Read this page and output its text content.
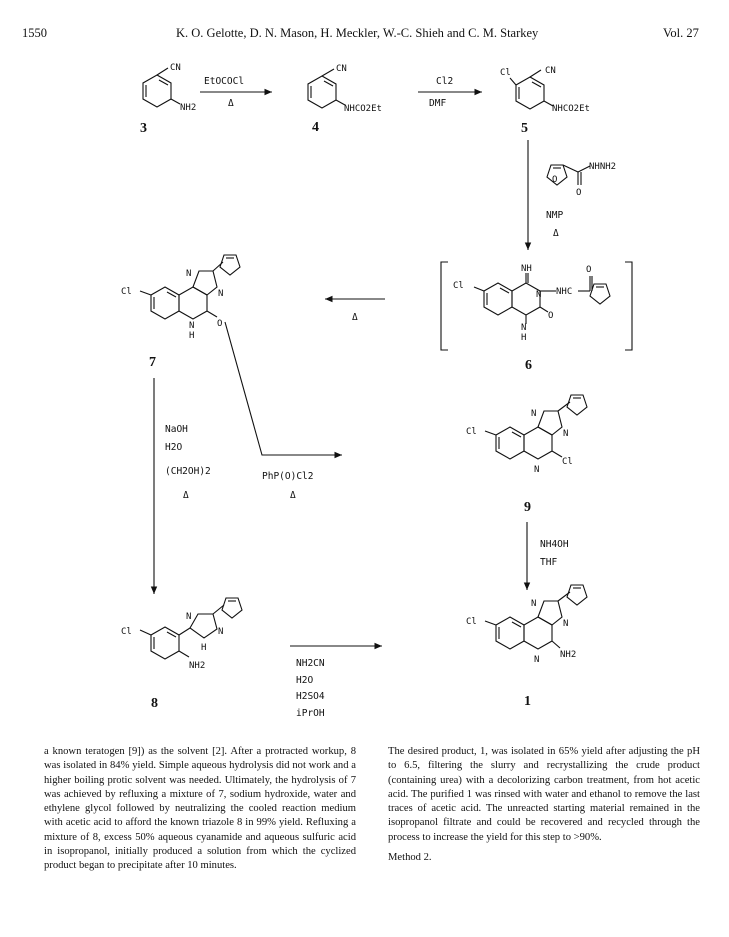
1550	K. O. Gelotte, D. N. Mason, H. Meckler, W.-C. Shieh and C. M. Starkey	Vol. 27
CN
NH2
3
EtOCOCl
Δ
CN
NHCO2Et
4
Cl2
DMF
Cl	CN
NHCO2Et
5
O
O
NHNH2
NMP
Δ
NH
Cl
NHC
O
N
N
H
O
6
Δ
Cl
N
N
N
H
O
7
NaOH
H2O
(CH2OH)2
Δ
PhP(O)Cl2
Δ
Cl
N
N
N
Cl
9
NH4OH
THF
Cl
N
N
H
NH2
8
NH2CN
H2O
H2SO4
iPrOH
Cl
N
N
N NH2
1

a known teratogen [9]) as the solvent [2]. After a protracted workup, 8 was isolated in 84% yield. Simple aqueous hydrolysis did not work and a higher boiling protic solvent was needed. Ultimately, the hydrolysis of 7 was achieved by refluxing a mixture of 7, sodium hydroxide, water and ethylene glycol followed by neutralizing the cooled reaction medium with acetic acid to afford the known triazole 8 in 99% yield. Refluxing a mixture of 8, excess 50% aqueous cyanamide and aqueous sulfuric acid in isopropanol, initially produced a solution from which the cyclized product began to precipitate after 10 minutes.

The desired product, 1, was isolated in 65% yield after adjusting the pH to 6.5, filtering the slurry and recrystallizing the crude product (containing urea) with a decolorizing carbon treatment, from hot acetic acid. The purified 1 was rinsed with water and ethanol to remove the last traces of acetic acid. The unreacted starting material remained in the isopropanol filtrate and could be recovered and recycled through the process to increase the yield for this step to >90%.

Method 2.
